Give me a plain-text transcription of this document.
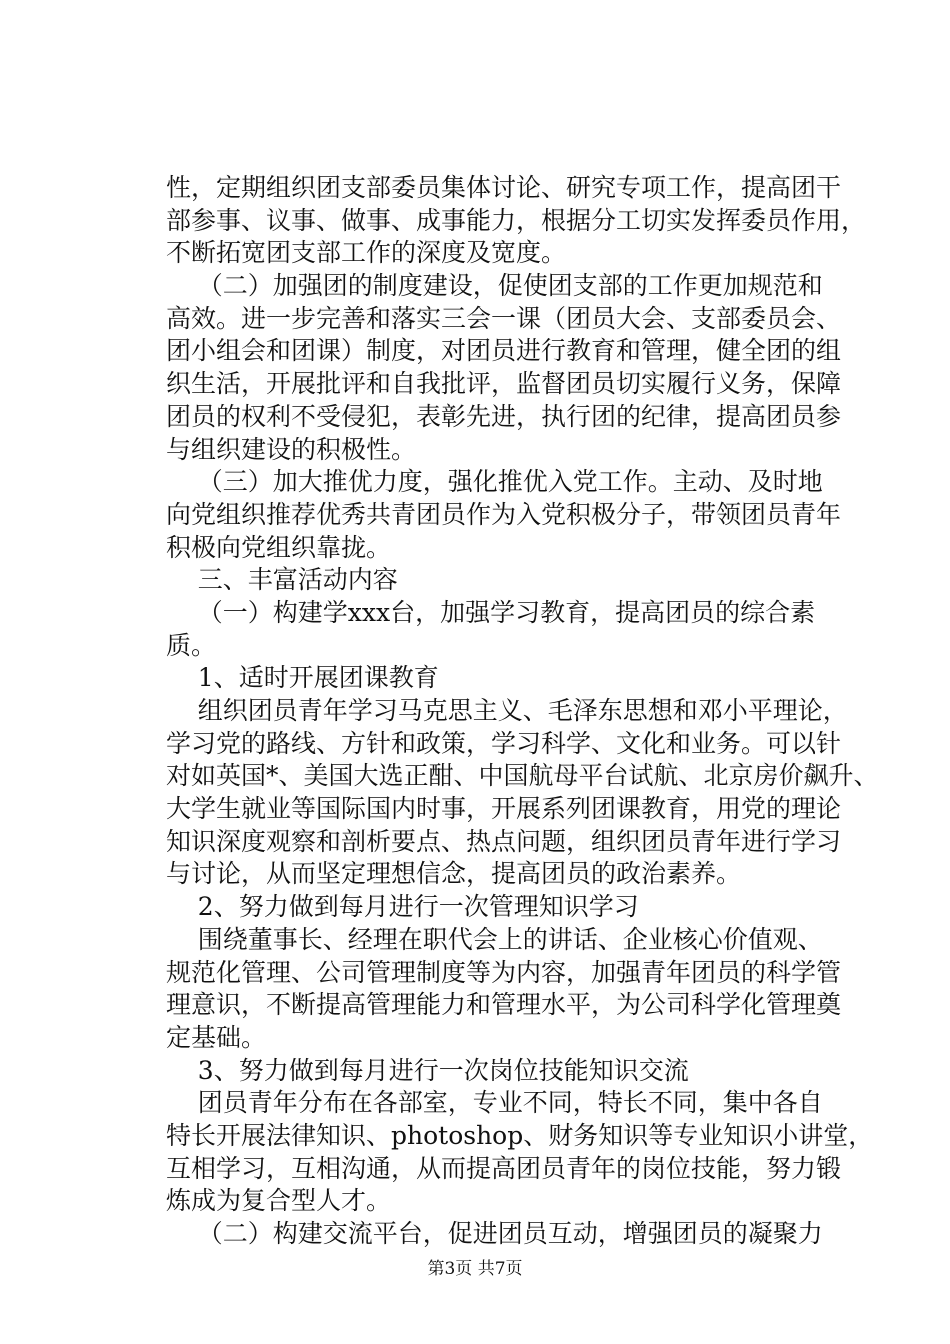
性，定期组织团支部委员集体讨论、研究专项工作，提高团干
部参事、议事、做事、成事能力，根据分工切实发挥委员作用，
不断拓宽团支部工作的深度及宽度。
（二）加强团的制度建设，促使团支部的工作更加规范和
高效。进一步完善和落实三会一课（团员大会、支部委员会、
团小组会和团课）制度，对团员进行教育和管理，健全团的组
织生活，开展批评和自我批评，监督团员切实履行义务，保障
团员的权利不受侵犯，表彰先进，执行团的纪律，提高团员参
与组织建设的积极性。
（三）加大推优力度，强化推优入党工作。主动、及时地
向党组织推荐优秀共青团员作为入党积极分子，带领团员青年
积极向党组织靠拢。
三、丰富活动内容
（一）构建学xxx台，加强学习教育，提高团员的综合素
质。
1、适时开展团课教育
组织团员青年学习马克思主义、毛泽东思想和邓小平理论，
学习党的路线、方针和政策，学习科学、文化和业务。可以针
对如英国*、美国大选正酣、中国航母平台试航、北京房价飙升、
大学生就业等国际国内时事，开展系列团课教育，用党的理论
知识深度观察和剖析要点、热点问题，组织团员青年进行学习
与讨论，从而坚定理想信念，提高团员的政治素养。
2、努力做到每月进行一次管理知识学习
围绕董事长、经理在职代会上的讲话、企业核心价值观、
规范化管理、公司管理制度等为内容，加强青年团员的科学管
理意识，不断提高管理能力和管理水平，为公司科学化管理奠
定基础。
3、努力做到每月进行一次岗位技能知识交流
团员青年分布在各部室，专业不同，特长不同，集中各自
特长开展法律知识、photoshop、财务知识等专业知识小讲堂，
互相学习，互相沟通，从而提高团员青年的岗位技能，努力锻
炼成为复合型人才。
（二）构建交流平台，促进团员互动，增强团员的凝聚力
第3页 共7页
